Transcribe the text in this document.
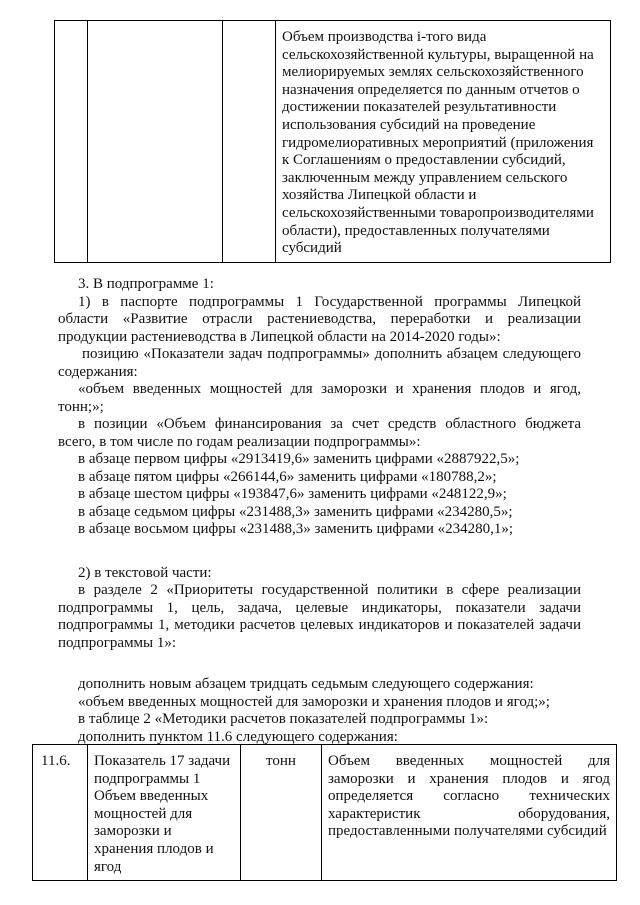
			Объем производства i-того вида сельскохозяйственной культуры, выращенной на мелиорируемых землях сельскохозяйственного назначения определяется по данным отчетов о достижении показателей результативности использования субсидий на проведение гидромелиоративных мероприятий (приложения к Соглашениям о предоставлении субсидий, заключенным между управлением сельского хозяйства Липецкой области и сельскохозяйственными товаропроизводителями области), предоставленных получателями субсидий

3. В подпрограмме 1:

1) в паспорте подпрограммы 1 Государственной программы Липецкой области «Развитие отрасли растениеводства, переработки и реализации продукции растениеводства в Липецкой области на 2014-2020 годы»:

позицию «Показатели задач подпрограммы» дополнить абзацем следующего содержания:

«объем введенных мощностей для заморозки и хранения плодов и ягод, тонн;»;

в позиции «Объем финансирования за счет средств областного бюджета всего, в том числе по годам реализации подпрограммы»:

в абзаце первом цифры «2913419,6» заменить цифрами «2887922,5»;

в абзаце пятом цифры «266144,6» заменить цифрами «180788,2»;

в абзаце шестом цифры «193847,6» заменить цифрами «248122,9»;

в абзаце седьмом цифры «231488,3» заменить цифрами «234280,5»;

в абзаце восьмом цифры «231488,3» заменить цифрами «234280,1»;

2) в текстовой части:

в разделе 2 «Приоритеты государственной политики в сфере реализации подпрограммы 1, цель, задача, целевые индикаторы, показатели задачи подпрограммы 1, методики расчетов целевых индикаторов и показателей задачи подпрограммы 1»:

дополнить новым абзацем тридцать седьмым следующего содержания:

«объем введенных мощностей для заморозки и хранения плодов и ягод;»;

в таблице 2 «Методики расчетов показателей подпрограммы 1»:

дополнить пунктом 11.6 следующего содержания:

11.6.	Показатель 17 задачи подпрограммы 1 Объем введенных мощностей для заморозки и хранения плодов и ягод	тонн	Объем введенных мощностей для заморозки и хранения плодов и ягод определяется согласно технических характеристик оборудования, предоставленными получателями субсидий
